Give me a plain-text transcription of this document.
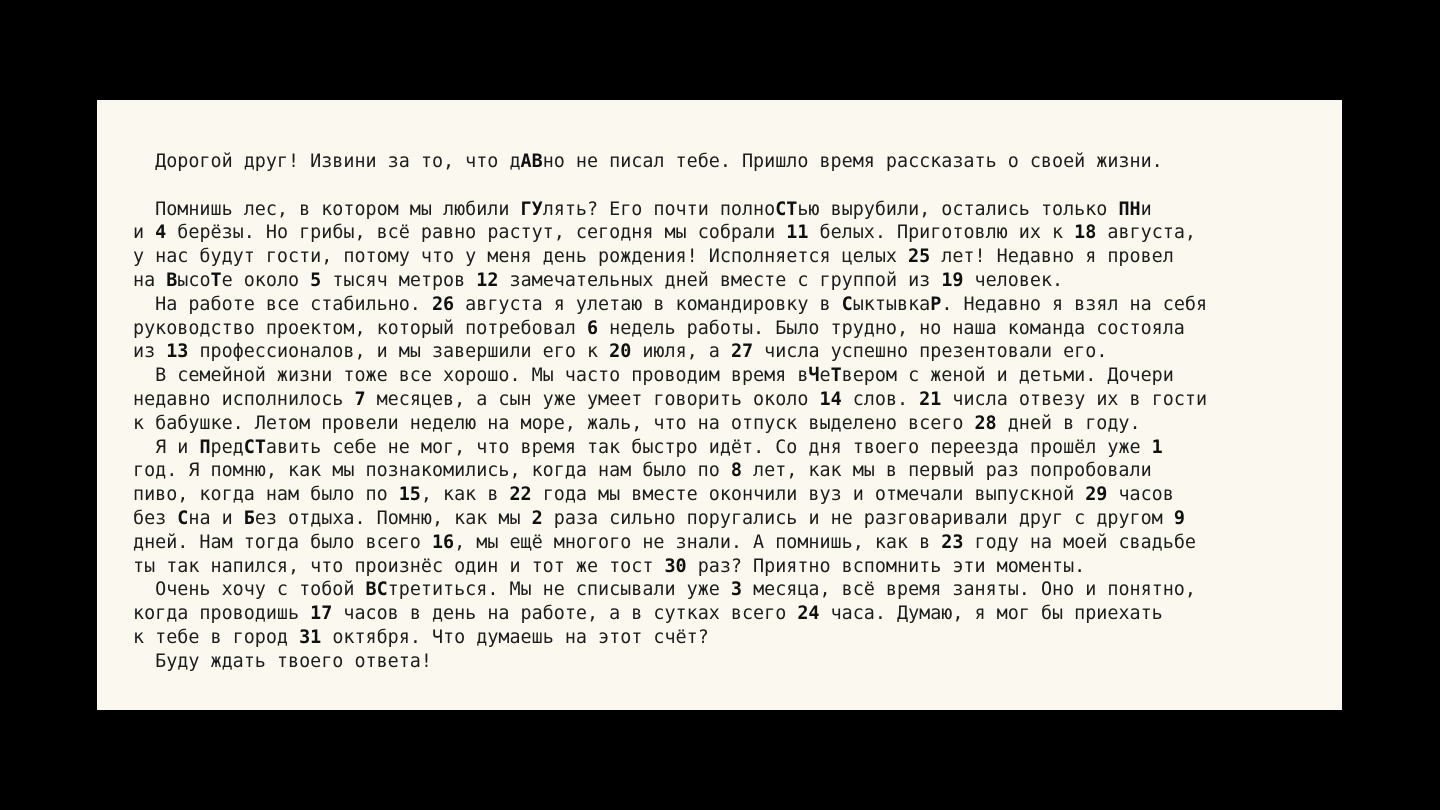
Дорогой друг! Извини за то, что дАВно не писал тебе. Пришло время рассказать о своей жизни.
Помнишь лес, в котором мы любили ГУлять? Его почти полноСТью вырубили, остались только ПНи
и 4 берёзы. Но грибы, всё равно растут, сегодня мы собрали 11 белых. Приготовлю их к 18 августа,
у нас будут гости, потому что у меня день рождения! Исполняется целых 25 лет! Недавно я провел
на ВысоТе около 5 тысяч метров 12 замечательных дней вместе с группой из 19 человек.
На работе все стабильно. 26 августа я улетаю в командировку в СыктывкаР. Недавно я взял на себя
руководство проектом, который потребовал 6 недель работы. Было трудно, но наша команда состояла
из 13 профессионалов, и мы завершили его к 20 июля, а 27 числа успешно презентовали его.
В семейной жизни тоже все хорошо. Мы часто проводим время вЧеТвером с женой и детьми. Дочери
недавно исполнилось 7 месяцев, а сын уже умеет говорить около 14 слов. 21 числа отвезу их в гости
к бабушке. Летом провели неделю на море, жаль, что на отпуск выделено всего 28 дней в году.
Я и ПредСТавить себе не мог, что время так быстро идёт. Со дня твоего переезда прошёл уже 1
год. Я помню, как мы познакомились, когда нам было по 8 лет, как мы в первый раз попробовали
пиво, когда нам было по 15, как в 22 года мы вместе окончили вуз и отмечали выпускной 29 часов
без Сна и Без отдыха. Помню, как мы 2 раза сильно поругались и не разговаривали друг с другом 9
дней. Нам тогда было всего 16, мы ещё многого не знали. А помнишь, как в 23 году на моей свадьбе
ты так напился, что произнёс один и тот же тост 30 раз? Приятно вспомнить эти моменты.
Очень хочу с тобой ВСтретиться. Мы не списывали уже 3 месяца, всё время заняты. Оно и понятно,
когда проводишь 17 часов в день на работе, а в сутках всего 24 часа. Думаю, я мог бы приехать
к тебе в город 31 октября. Что думаешь на этот счёт?
Буду ждать твоего ответа!
